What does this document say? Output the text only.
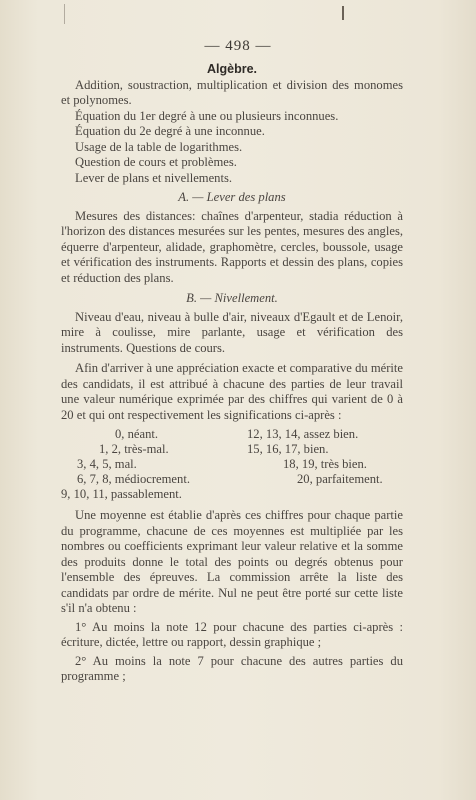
— 498 —

Algèbre.

Addition, soustraction, multiplication et division des monomes et polynomes.

Équation du 1er degré à une ou plusieurs inconnues.

Équation du 2e degré à une inconnue.

Usage de la table de logarithmes.

Question de cours et problèmes.

Lever de plans et nivellements.

A. — Lever des plans

Mesures des distances: chaînes d'arpenteur, stadia réduction à l'horizon des distances mesurées sur les pentes, mesures des angles, équerre d'arpenteur, alidade, graphomètre, cercles, boussole, usage et vérification des instruments. Rapports et dessin des plans, copies et réduction des plans.

B. — Nivellement.

Niveau d'eau, niveau à bulle d'air, niveaux d'Egault et de Lenoir, mire à coulisse, mire parlante, usage et vérification des instruments. Questions de cours.

Afin d'arriver à une appréciation exacte et comparative du mérite des candidats, il est attribué à chacune des parties de leur travail une valeur numérique exprimée par des chiffres qui varient de 0 à 20 et qui ont respectivement les significations ci-après :

0, néant.
1, 2, très-mal.
3, 4, 5, mal.
6, 7, 8, médiocrement.
9, 10, 11, passablement.
12, 13, 14, assez bien.
15, 16, 17, bien.
18, 19, très bien.
20, parfaitement.

Une moyenne est établie d'après ces chiffres pour chaque partie du programme, chacune de ces moyennes est multipliée par les nombres ou coefficients exprimant leur valeur relative et la somme des produits donne le total des points ou degrés obtenus pour l'ensemble des épreuves. La commission arrête la liste des candidats par ordre de mérite. Nul ne peut être porté sur cette liste s'il n'a obtenu :

1° Au moins la note 12 pour chacune des parties ci-après : écriture, dictée, lettre ou rapport, dessin graphique ;

2° Au moins la note 7 pour chacune des autres parties du programme ;
